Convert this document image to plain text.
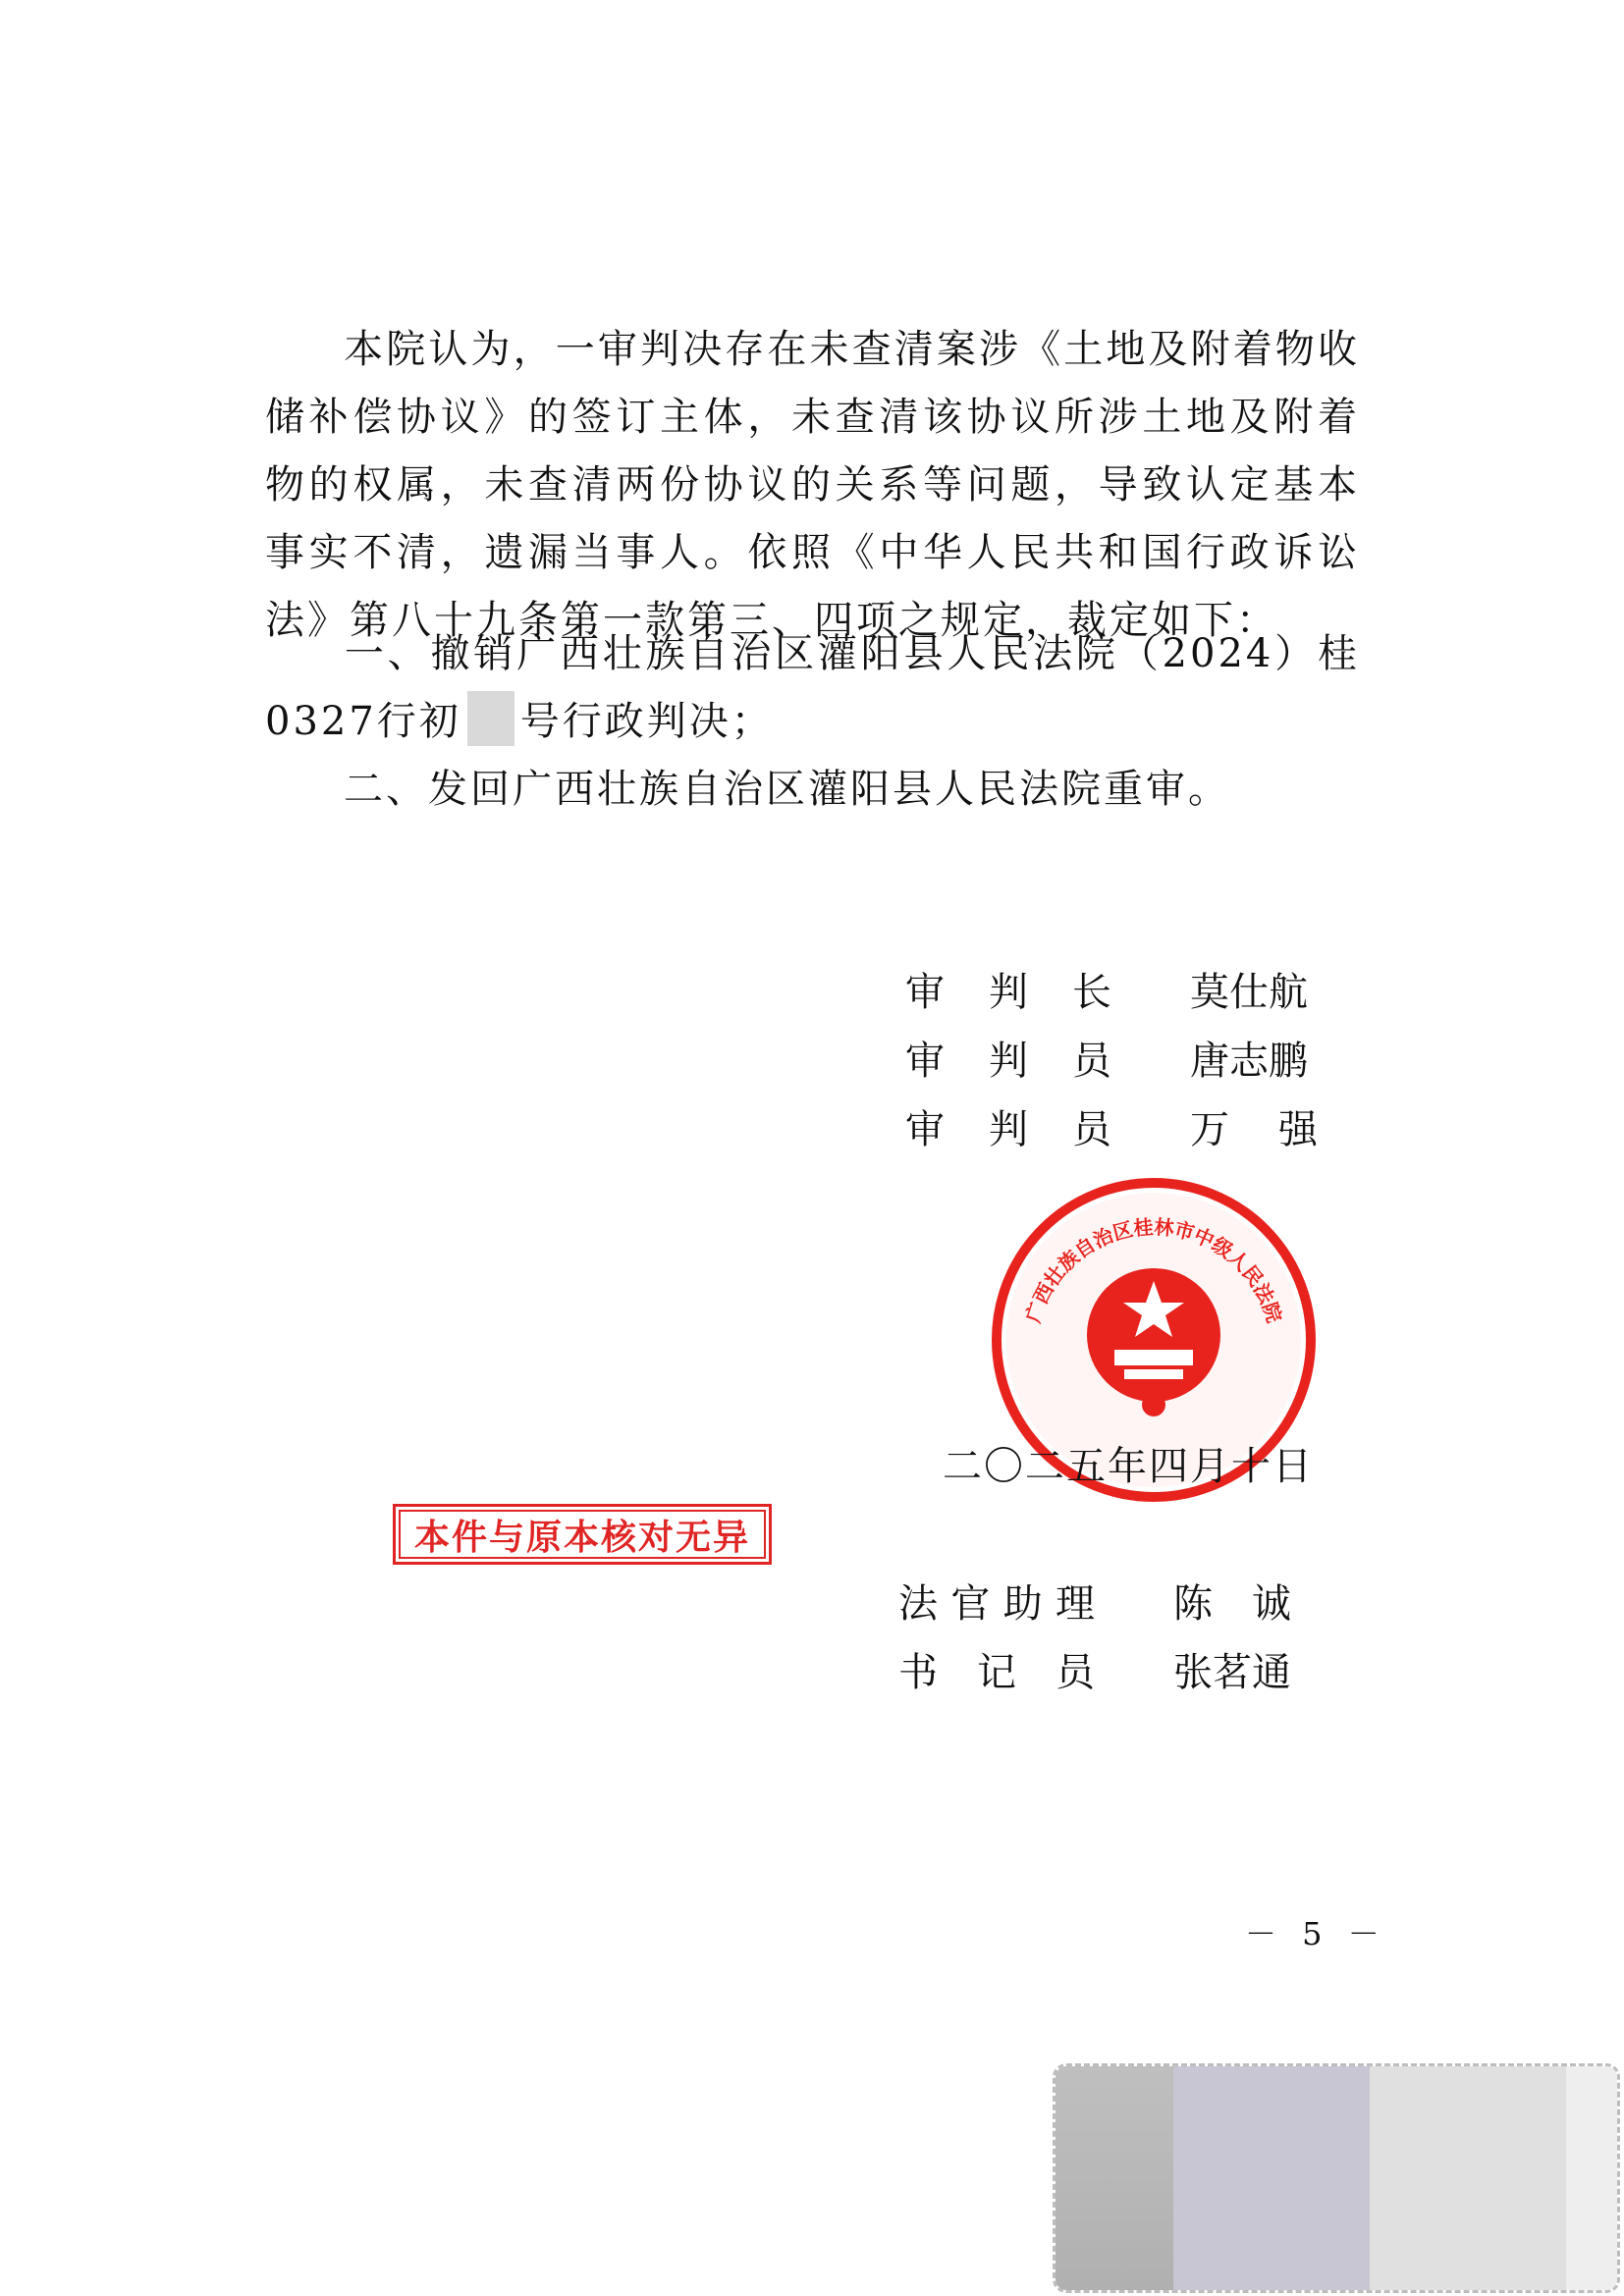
本院认为，一审判决存在未查清案涉《土地及附着物收储补偿协议》的签订主体，未查清该协议所涉土地及附着物的权属，未查清两份协议的关系等问题，导致认定基本事实不清，遗漏当事人。依照《中华人民共和国行政诉讼法》第八十九条第一款第三、四项之规定，裁定如下：

一、撤销广西壮族自治区灌阳县人民法院（2024）桂0327行初 号行政判决；

二、发回广西壮族自治区灌阳县人民法院重审。

审 判 长 莫仕航
审 判 员 唐志鹏
审 判 员 万 强
广西壮族自治区桂林市中级人民法院
二〇二五年四月十日
本件与原本核对无异
法 官 助 理 陈 诚
书 记 员 张茗通
－ 5 －
